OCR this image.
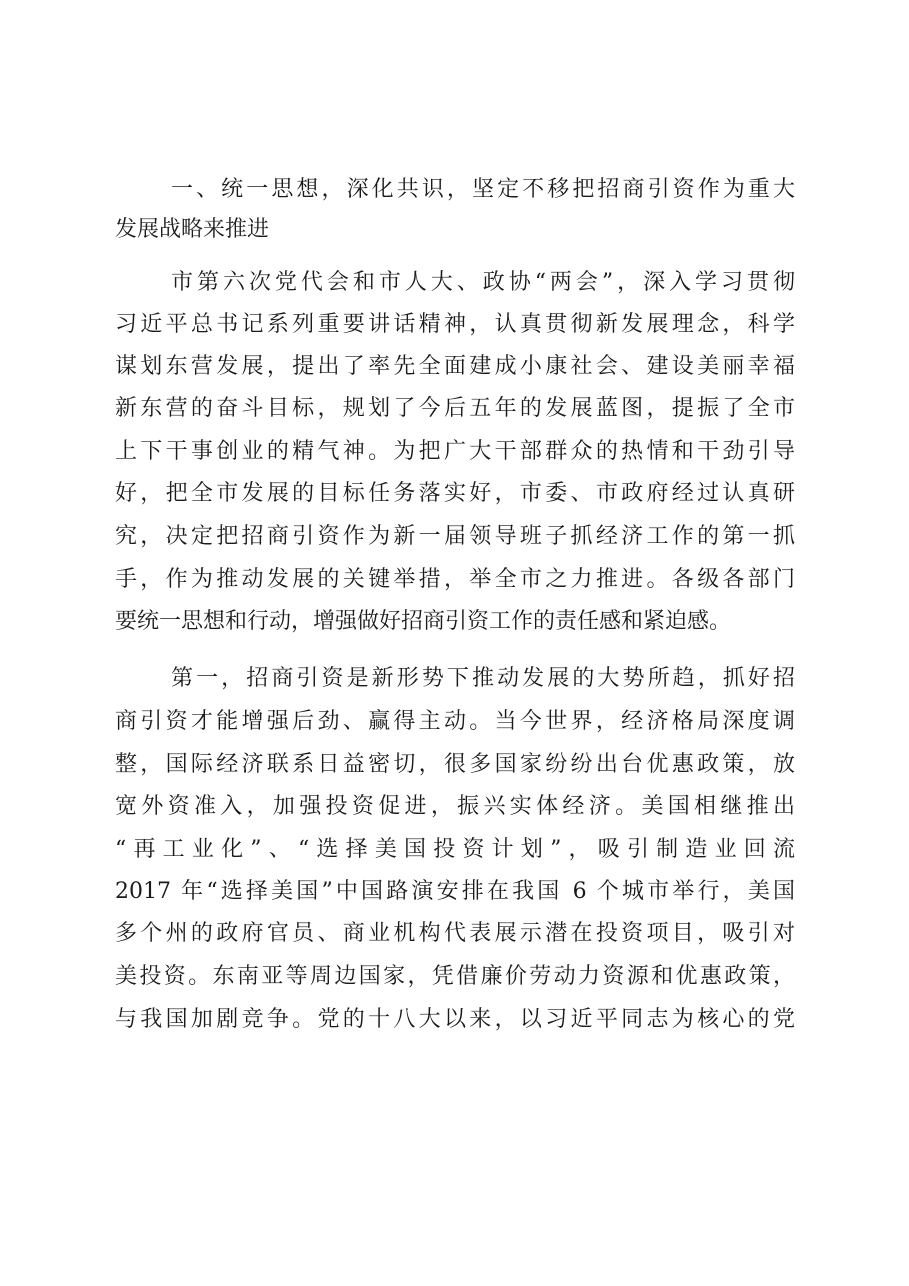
一、统一思想，深化共识，坚定不移把招商引资作为重大
发展战略来推进
市第六次党代会和市人大、政协“两会”，深入学习贯彻
习近平总书记系列重要讲话精神，认真贯彻新发展理念，科学
谋划东营发展，提出了率先全面建成小康社会、建设美丽幸福
新东营的奋斗目标，规划了今后五年的发展蓝图，提振了全市
上下干事创业的精气神。为把广大干部群众的热情和干劲引导
好，把全市发展的目标任务落实好，市委、市政府经过认真研
究，决定把招商引资作为新一届领导班子抓经济工作的第一抓
手，作为推动发展的关键举措，举全市之力推进。各级各部门
要统一思想和行动，增强做好招商引资工作的责任感和紧迫感。
第一，招商引资是新形势下推动发展的大势所趋，抓好招
商引资才能增强后劲、赢得主动。当今世界，经济格局深度调
整，国际经济联系日益密切，很多国家纷纷出台优惠政策，放
宽外资准入，加强投资促进，振兴实体经济。美国相继推出
“再工业化”、“选择美国投资计划”，吸引制造业回流
2017 年“选择美国”中国路演安排在我国 6 个城市举行，美国
多个州的政府官员、商业机构代表展示潜在投资项目，吸引对
美投资。东南亚等周边国家，凭借廉价劳动力资源和优惠政策，
与我国加剧竞争。党的十八大以来，以习近平同志为核心的党
